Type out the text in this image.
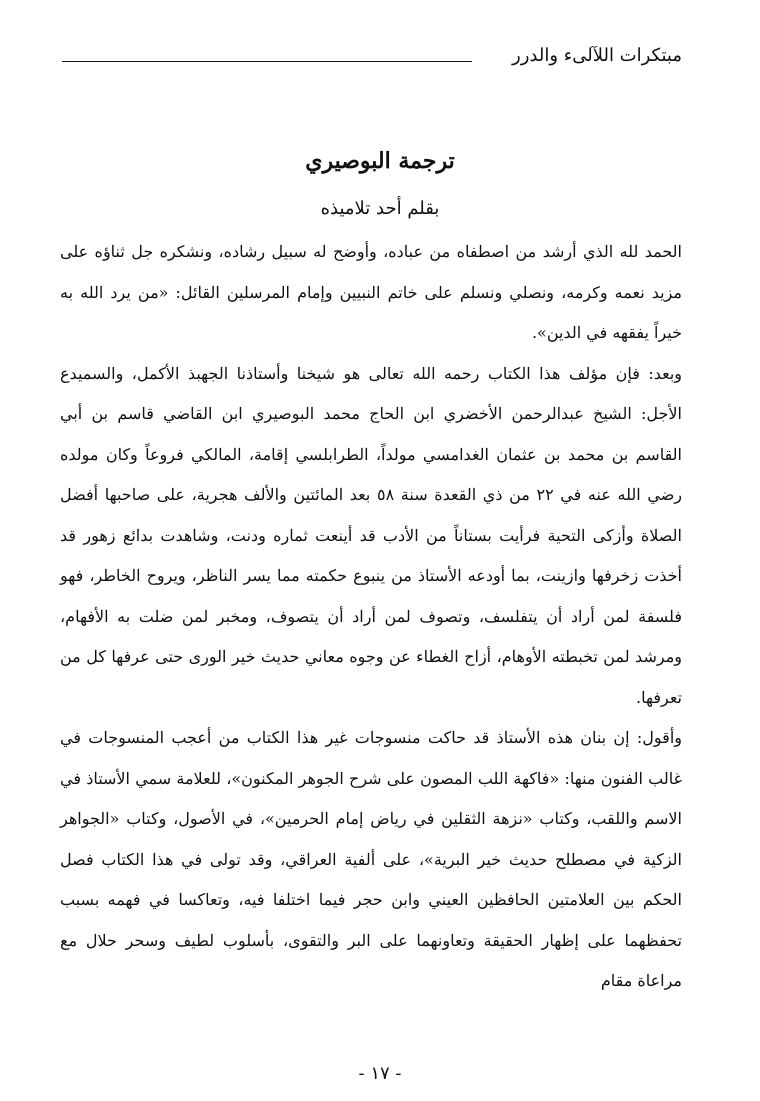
مبتكرات اللآلىء والدرر
ترجمة البوصيري
بقلم أحد تلاميذه

الحمد لله الذي أرشد من اصطفاه من عباده، وأوضح له سبيل رشاده، ونشكره جل ثناؤه على مزيد نعمه وكرمه، ونصلي ونسلم على خاتم النبيين وإمام المرسلين القائل: «من يرد الله به خيراً يفقهه في الدين».

وبعد: فإن مؤلف هذا الكتاب رحمه الله تعالى هو شيخنا وأستاذنا الجهبذ الأكمل، والسميدع الأجل: الشيخ عبدالرحمن الأخضري ابن الحاج محمد البوصيري ابن القاضي قاسم بن أبي القاسم بن محمد بن عثمان الغدامسي مولداً، الطرابلسي إقامة، المالكي فروعاً وكان مولده رضي الله عنه في ٢٢ من ذي القعدة سنة ٥٨ بعد المائتين والألف هجرية، على صاحبها أفضل الصلاة وأزكى التحية فرأيت بستاناً من الأدب قد أينعت ثماره ودنت، وشاهدت بدائع زهور قد أخذت زخرفها وازينت، بما أودعه الأستاذ من ينبوع حكمته مما يسر الناظر، ويروح الخاطر، فهو فلسفة لمن أراد أن يتفلسف، وتصوف لمن أراد أن يتصوف، ومخبر لمن ضلت به الأفهام، ومرشد لمن تخبطته الأوهام، أزاح الغطاء عن وجوه معاني حديث خير الورى حتى عرفها كل من تعرفها.

وأقول: إن بنان هذه الأستاذ قد حاكت منسوجات غير هذا الكتاب من أعجب المنسوجات في غالب الفنون منها: «فاكهة اللب المصون على شرح الجوهر المكنون»، للعلامة سمي الأستاذ في الاسم واللقب، وكتاب «نزهة الثقلين في رياض إمام الحرمين»، في الأصول، وكتاب «الجواهر الزكية في مصطلح حديث خير البرية»، على ألفية العراقي، وقد تولى في هذا الكتاب فصل الحكم بين العلامتين الحافظين العيني وابن حجر فيما اختلفا فيه، وتعاكسا في فهمه بسبب تحفظهما على إظهار الحقيقة وتعاونهما على البر والتقوى، بأسلوب لطيف وسحر حلال مع مراعاة مقام

- ١٧ -
